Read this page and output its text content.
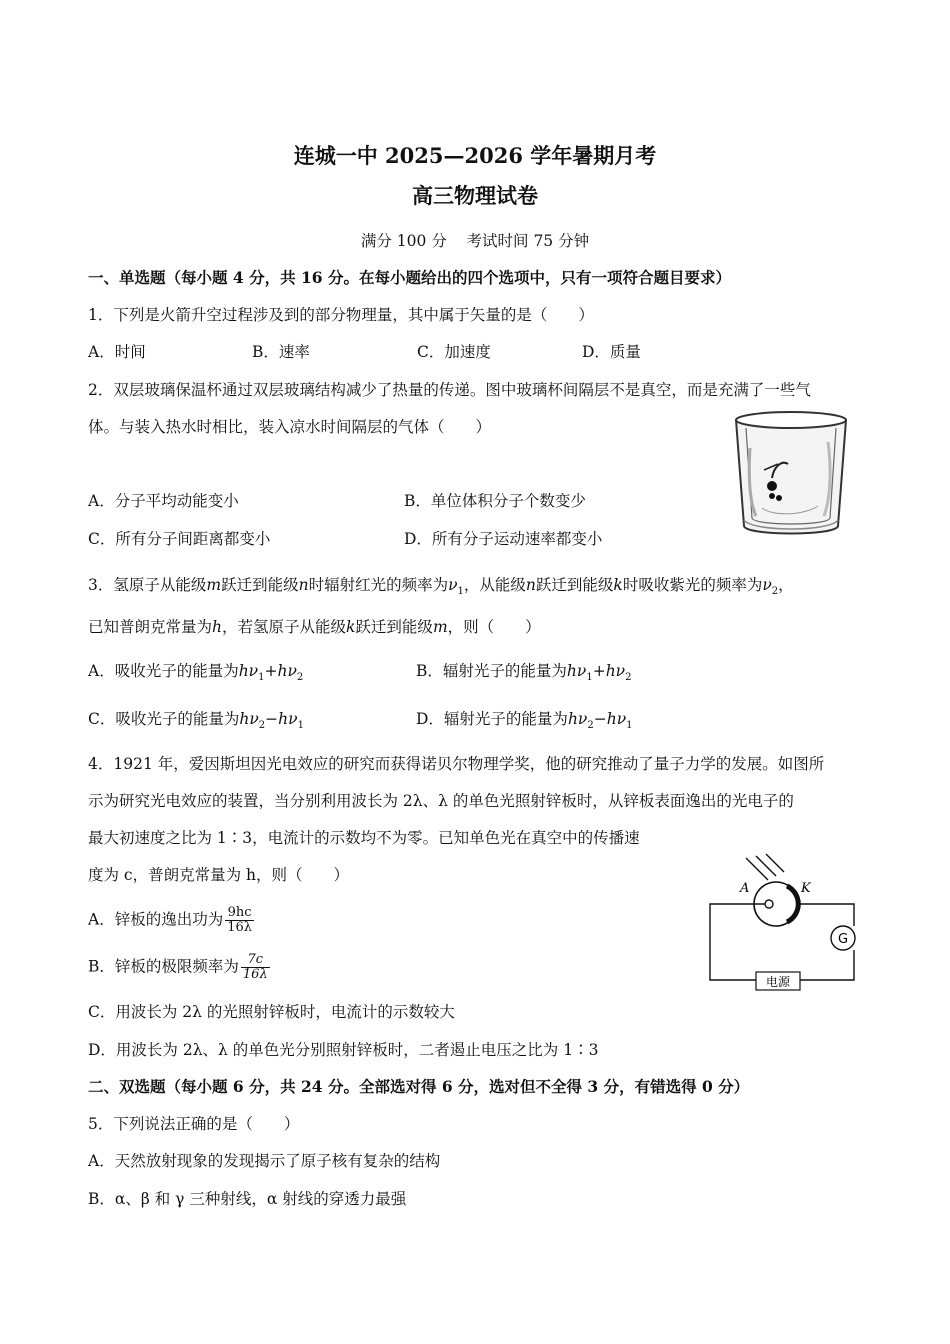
连城一中 2025—2026 学年暑期月考
高三物理试卷
满分 100 分    考试时间 75 分钟
一、单选题（每小题 4 分，共 16 分。在每小题给出的四个选项中，只有一项符合题目要求）
1．下列是火箭升空过程涉及到的部分物理量，其中属于矢量的是（　　）
A．时间	B．速率	C．加速度	D．质量
2．双层玻璃保温杯通过双层玻璃结构减少了热量的传递。图中玻璃杯间隔层不是真空，而是充满了一些气
体。与装入热水时相比，装入凉水时间隔层的气体（　　）
A．分子平均动能变小	B．单位体积分子个数变少
C．所有分子间距离都变小	D．所有分子运动速率都变小
3．氢原子从能级m跃迁到能级n时辐射红光的频率为$\nu_1$，从能级n跃迁到能级k时吸收紫光的频率为$\nu_2$，
已知普朗克常量为h，若氢原子从能级k跃迁到能级m，则（　　）
A．吸收光子的能量为$h\nu_1+h\nu_2$	B．辐射光子的能量为$h\nu_1+h\nu_2$
C．吸收光子的能量为$h\nu_2-h\nu_1$	D．辐射光子的能量为$h\nu_2-h\nu_1$
4．1921 年，爱因斯坦因光电效应的研究而获得诺贝尔物理学奖，他的研究推动了量子力学的发展。如图所
示为研究光电效应的装置，当分别利用波长为 2λ、λ 的单色光照射锌板时，从锌板表面逸出的光电子的
最大初速度之比为 1∶3，电流计的示数均不为零。已知单色光在真空中的传播速
度为 c，普朗克常量为 h，则（　　）
A．锌板的逸出功为 $\frac{9hc}{16\lambda}$
B．锌板的极限频率为 $\frac{7c}{16\lambda}$
C．用波长为 2λ 的光照射锌板时，电流计的示数较大
D．用波长为 2λ、λ 的单色光分别照射锌板时，二者遏止电压之比为 1∶3
A	K
G
电源
二、双选题（每小题 6 分，共 24 分。全部选对得 6 分，选对但不全得 3 分，有错选得 0 分）
5．下列说法正确的是（　　）
A．天然放射现象的发现揭示了原子核有复杂的结构
B．α、β 和 γ 三种射线，α 射线的穿透力最强
